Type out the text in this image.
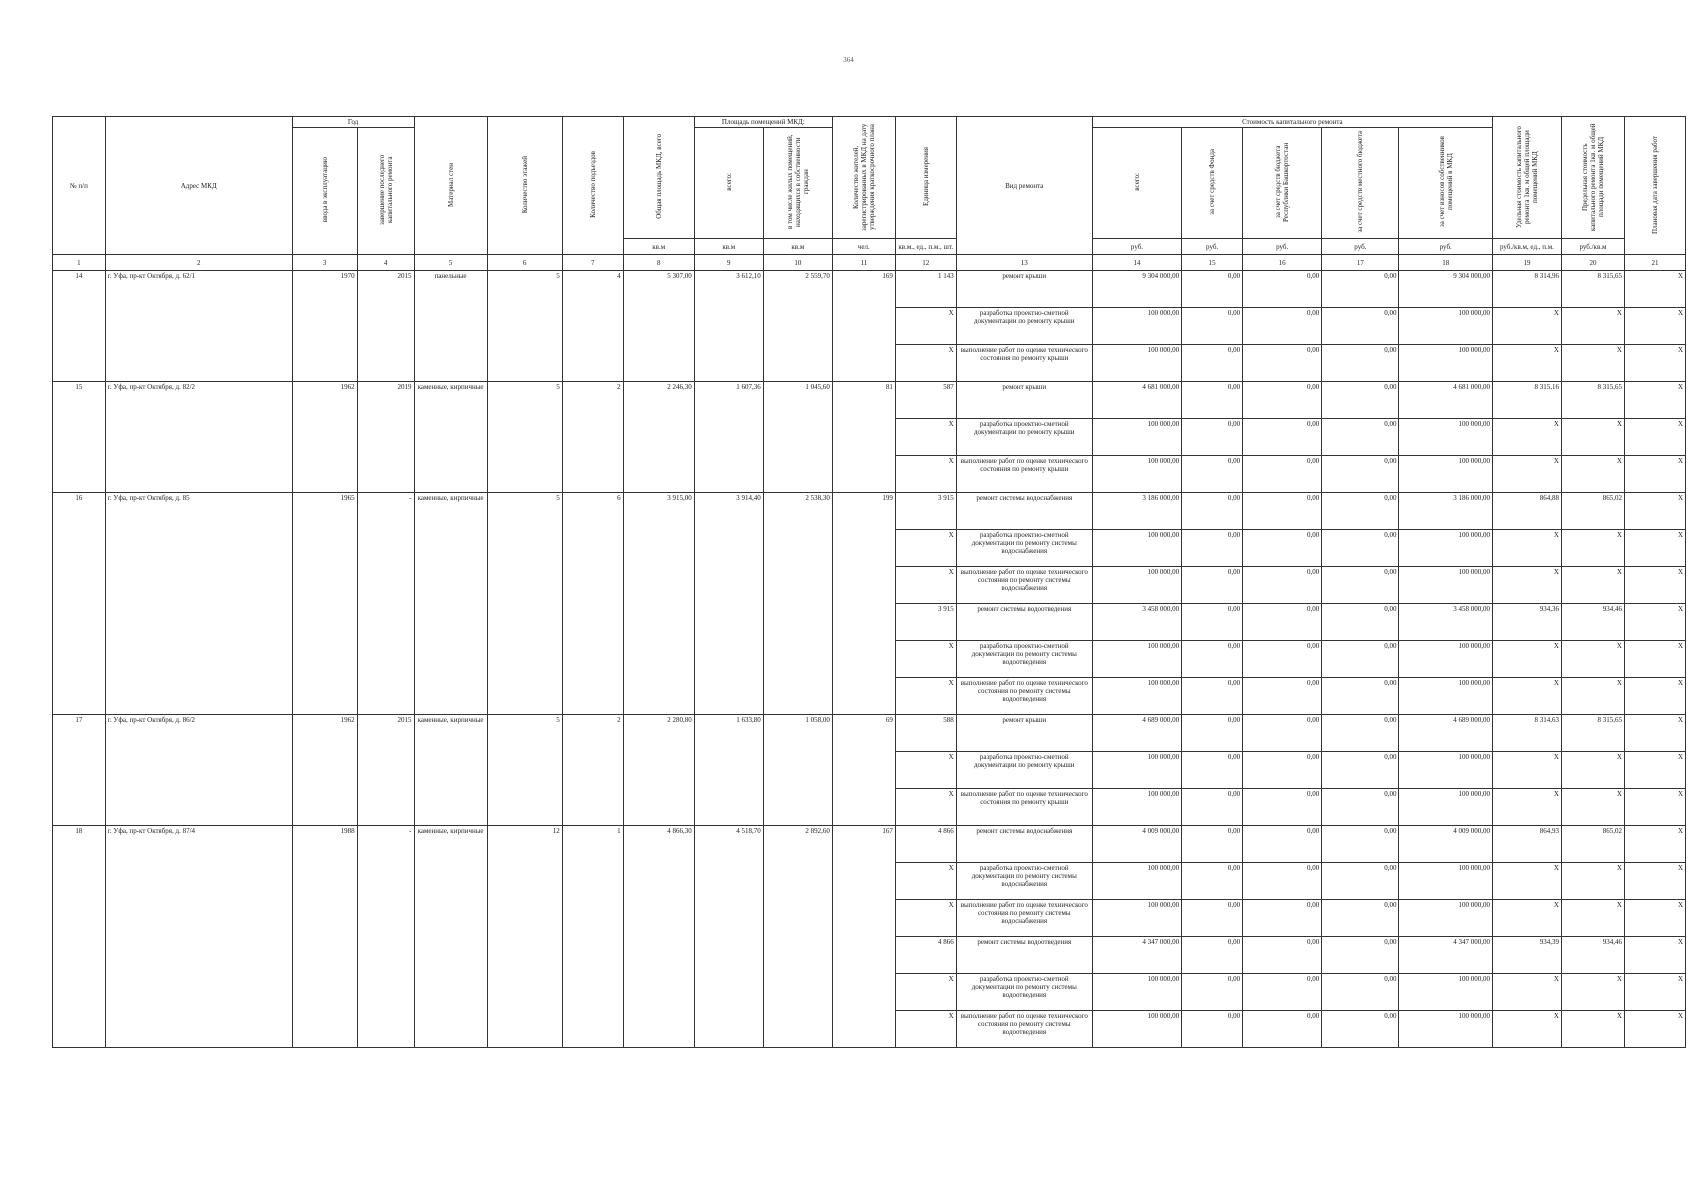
364
№ п/п	Адрес МКД	Год		Материал стен	Количество этажей	Количество подъездов	Общая площадь МКД, всего	Площадь помещений МКД:		Количество жителей, зарегистрированных в МКД на дату утверждения краткосрочного плана	Единица измерения	Вид ремонта	Стоимость капитального ремонта					Удельная стоимость капитального ремонта 1кв. м общей площади помещений МКД	Предельная стоимость капитального ремонта 1кв. м общей площади помещений МКД	Плановая дата завершения работ
		ввода в эксплуатацию	завершение последнего капитального ремонта					всего:	в том числе жилых помещений, находящихся в собственности граждан				всего:	за счет средств Фонда	за счет средств бюджета Республики Башкортостан	за счет средств местного бюджета	за счет взносов собственников помещений в МКД			
							кв.м	кв.м	кв.м	чел.	кв.м., ед., п.м., шт.		руб.	руб.	руб.	руб.	руб.	руб./кв.м, ед., п.м.	руб./кв.м	
1	2	3	4	5	6	7	8	9	10	11	12	13	14	15	16	17	18	19	20	21
14	г. Уфа, пр-кт Октября, д. 62/1	1970	2015	панельные	5	4	5 307,00	3 612,10	2 559,70	169	1 143	ремонт крыши	9 304 000,00	0,00	0,00	0,00	9 304 000,00	8 314,96	8 315,65	X
											X	разработка проектно-сметной документации по ремонту крыши	100 000,00	0,00	0,00	0,00	100 000,00	X	X	X
											X	выполнение работ по оценке технического состояния по ремонту крыши	100 000,00	0,00	0,00	0,00	100 000,00	X	X	X
15	г. Уфа, пр-кт Октября, д. 82/2	1962	2019	каменные, кирпичные	5	2	2 246,30	1 607,36	1 045,60	81	587	ремонт крыши	4 681 000,00	0,00	0,00	0,00	4 681 000,00	8 315,16	8 315,65	X
											X	разработка проектно-сметной документации по ремонту крыши	100 000,00	0,00	0,00	0,00	100 000,00	X	X	X
											X	выполнение работ по оценке технического состояния по ремонту крыши	100 000,00	0,00	0,00	0,00	100 000,00	X	X	X
16	г. Уфа, пр-кт Октября, д. 85	1965	-	каменные, кирпичные	5	6	3 915,00	3 914,40	2 538,30	199	3 915	ремонт системы водоснабжения	3 186 000,00	0,00	0,00	0,00	3 186 000,00	864,88	865,02	X
											X	разработка проектно-сметной документации по ремонту системы водоснабжения	100 000,00	0,00	0,00	0,00	100 000,00	X	X	X
											X	выполнение работ по оценке технического состояния по ремонту системы водоснабжения	100 000,00	0,00	0,00	0,00	100 000,00	X	X	X
											3 915	ремонт системы водоотведения	3 458 000,00	0,00	0,00	0,00	3 458 000,00	934,36	934,46	X
											X	разработка проектно-сметной документации по ремонту системы водоотведения	100 000,00	0,00	0,00	0,00	100 000,00	X	X	X
											X	выполнение работ по оценке технического состояния по ремонту системы водоотведения	100 000,00	0,00	0,00	0,00	100 000,00	X	X	X
17	г. Уфа, пр-кт Октября, д. 86/2	1962	2015	каменные, кирпичные	5	2	2 280,80	1 633,80	1 058,00	69	588	ремонт крыши	4 689 000,00	0,00	0,00	0,00	4 689 000,00	8 314,63	8 315,65	X
											X	разработка проектно-сметной документации по ремонту крыши	100 000,00	0,00	0,00	0,00	100 000,00	X	X	X
											X	выполнение работ по оценке технического состояния по ремонту крыши	100 000,00	0,00	0,00	0,00	100 000,00	X	X	X
18	г. Уфа, пр-кт Октября, д. 87/4	1988	-	каменные, кирпичные	12	1	4 866,30	4 518,70	2 892,60	167	4 866	ремонт системы водоснабжения	4 009 000,00	0,00	0,00	0,00	4 009 000,00	864,93	865,02	X
											X	разработка проектно-сметной документации по ремонту системы водоснабжения	100 000,00	0,00	0,00	0,00	100 000,00	X	X	X
											X	выполнение работ по оценке технического состояния по ремонту системы водоснабжения	100 000,00	0,00	0,00	0,00	100 000,00	X	X	X
											4 866	ремонт системы водоотведения	4 347 000,00	0,00	0,00	0,00	4 347 000,00	934,39	934,46	X
											X	разработка проектно-сметной документации по ремонту системы водоотведения	100 000,00	0,00	0,00	0,00	100 000,00	X	X	X
											X	выполнение работ по оценке технического состояния по ремонту системы водоотведения	100 000,00	0,00	0,00	0,00	100 000,00	X	X	X
